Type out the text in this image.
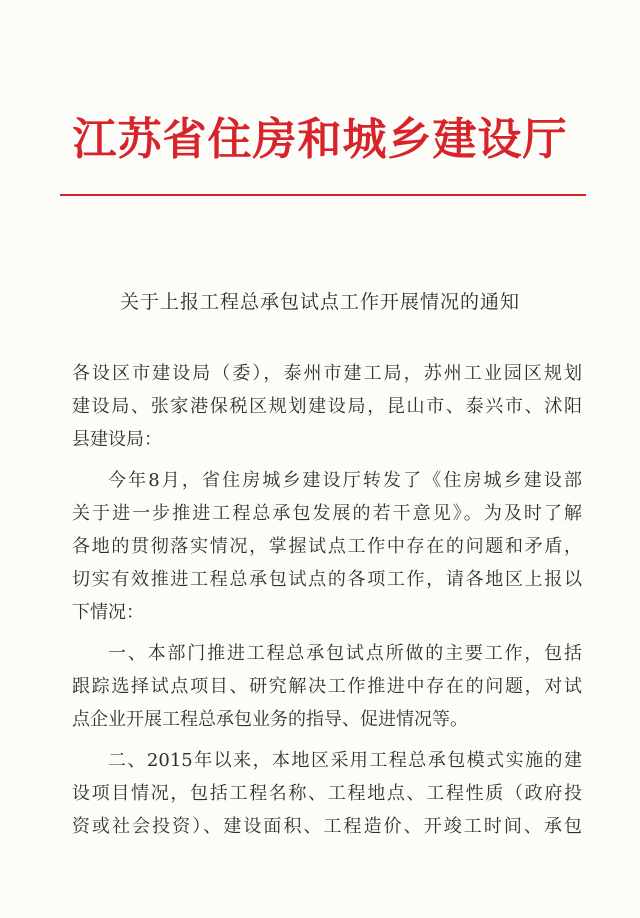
江苏省住房和城乡建设厅
关于上报工程总承包试点工作开展情况的通知
各设区市建设局（委），泰州市建工局，苏州工业园区规划
建设局、张家港保税区规划建设局，昆山市、泰兴市、沭阳
县建设局：
今年8月，省住房城乡建设厅转发了《住房城乡建设部
关于进一步推进工程总承包发展的若干意见》。为及时了解
各地的贯彻落实情况，掌握试点工作中存在的问题和矛盾，
切实有效推进工程总承包试点的各项工作，请各地区上报以
下情况：
一、本部门推进工程总承包试点所做的主要工作，包括
跟踪选择试点项目、研究解决工作推进中存在的问题，对试
点企业开展工程总承包业务的指导、促进情况等。
二、2015年以来，本地区采用工程总承包模式实施的建
设项目情况，包括工程名称、工程地点、工程性质（政府投
资或社会投资）、建设面积、工程造价、开竣工时间、承包
